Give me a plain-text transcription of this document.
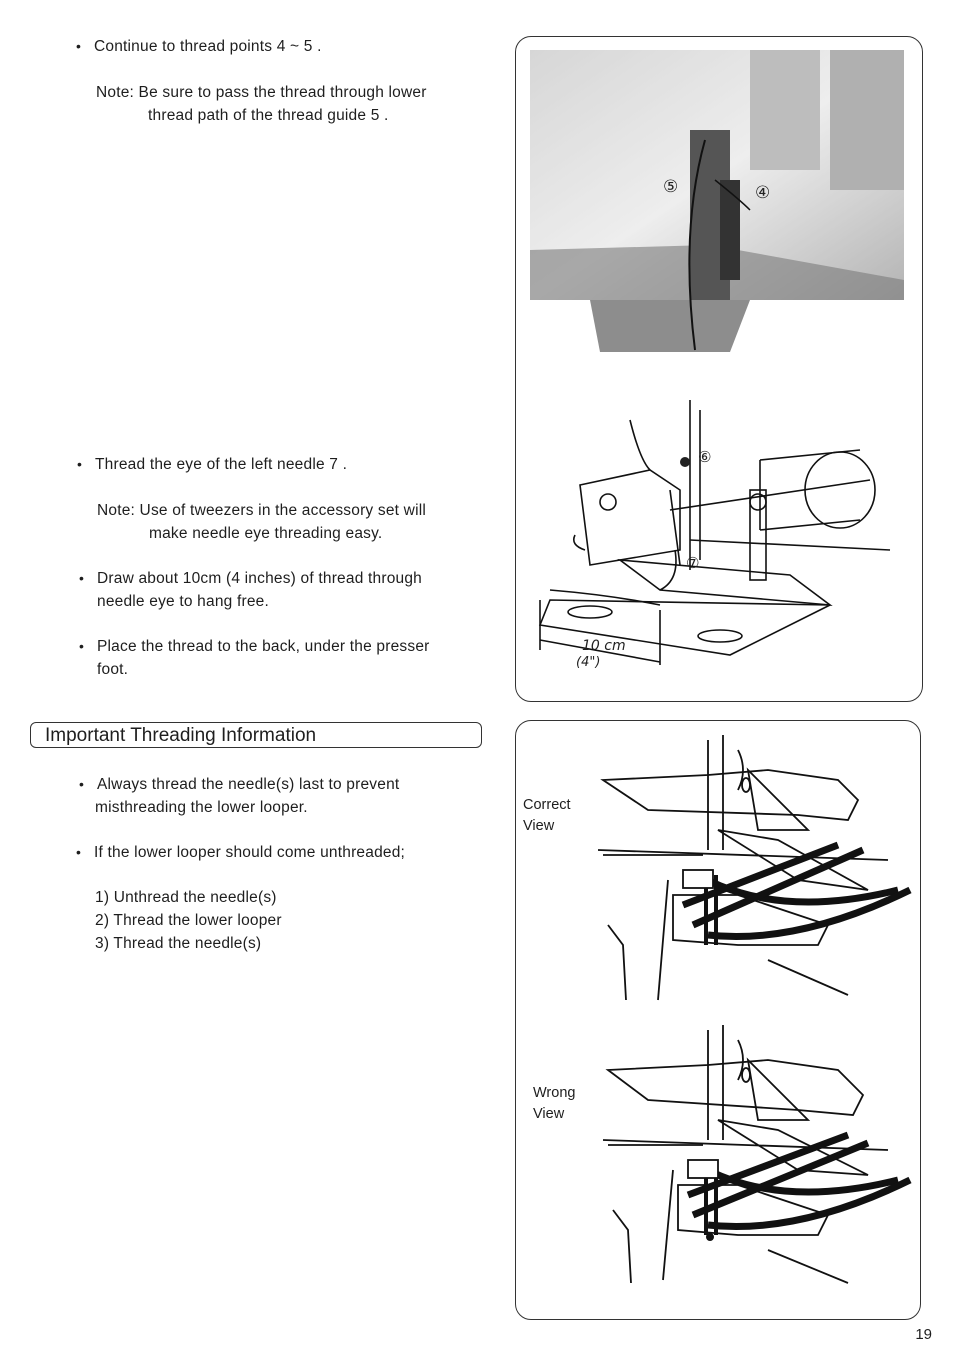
• Continue to thread points 4 ~ 5 .
Note: Be sure to pass the thread through lower
thread path of the thread guide 5 .
⑤	④
⑥
⑦
10 cm
(4")
• Thread the eye of the left needle 7 .
Note: Use of tweezers in the accessory set will
make needle eye threading easy.
• Draw about 10cm (4 inches) of thread through
needle eye to hang free.
• Place the thread to the back, under the presser
foot.
Important Threading Information
• Always thread the needle(s) last to prevent
misthreading the lower looper.
• If the lower looper should come unthreaded;
1) Unthread the needle(s)
2) Thread the lower looper
3) Thread the needle(s)
Correct
View
Wrong
View
19
